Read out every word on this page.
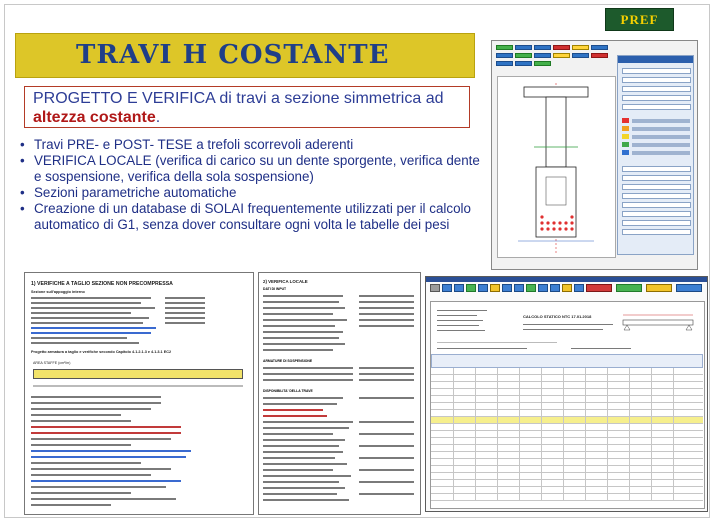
PREF
TRAVI H COSTANTE
PROGETTO E VERIFICA di travi a sezione simmetrica ad altezza costante.
• Travi PRE- e POST- TESE a trefoli scorrevoli aderenti
• VERIFICA LOCALE (verifica di carico su un dente sporgente, verifica dente e sospensione, verifica della sola sospensione)
• Sezioni parametriche automatiche
• Creazione di un database di SOLAI frequentemente utilizzati per il calcolo automatico di G1, senza dover consultare ogni volta le tabelle dei pesi
1) VERIFICHE A TAGLIO SEZIONE NON PRECOMPRESSA
Sezione sull'appoggio interno
Progetto armatura a taglio e verifiche secondo Capitolo 4.1.2.1.3 e 4.1.3.1 EC2
AREA STAFFE (cm²/m)
2) VERIFICA LOCALE
DATI DI INPUT
ARMATURE DI SOSPENSIONE
DISPONIBILITA' DELLA TRAVE
CALCOLO STATICO NTC 17.01.2018
